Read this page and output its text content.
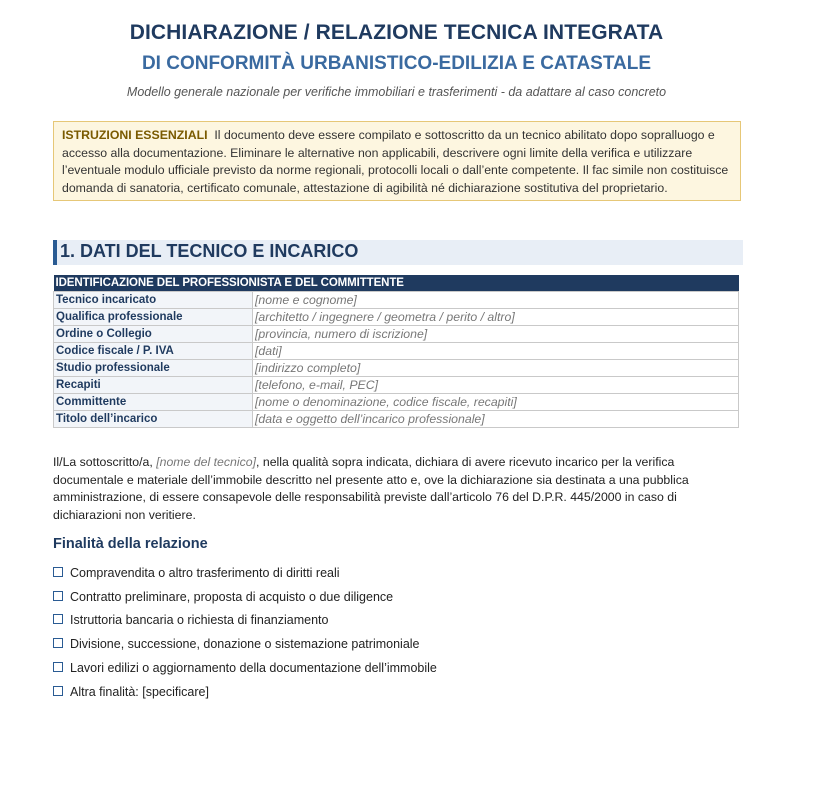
DICHIARAZIONE / RELAZIONE TECNICA INTEGRATA
DI CONFORMITÀ URBANISTICO-EDILIZIA E CATASTALE
Modello generale nazionale per verifiche immobiliari e trasferimenti - da adattare al caso concreto
ISTRUZIONI ESSENZIALI Il documento deve essere compilato e sottoscritto da un tecnico abilitato dopo sopralluogo e accesso alla documentazione. Eliminare le alternative non applicabili, descrivere ogni limite della verifica e utilizzare l’eventuale modulo ufficiale previsto da norme regionali, protocolli locali o dall’ente competente. Il fac simile non costituisce domanda di sanatoria, certificato comunale, attestazione di agibilità né dichiarazione sostitutiva del proprietario.
1. DATI DEL TECNICO E INCARICO
IDENTIFICAZIONE DEL PROFESSIONISTA E DEL COMMITTENTE	
Tecnico incaricato	[nome e cognome]
Qualifica professionale	[architetto / ingegnere / geometra / perito / altro]
Ordine o Collegio	[provincia, numero di iscrizione]
Codice fiscale / P. IVA	[dati]
Studio professionale	[indirizzo completo]
Recapiti	[telefono, e-mail, PEC]
Committente	[nome o denominazione, codice fiscale, recapiti]
Titolo dell’incarico	[data e oggetto dell’incarico professionale]
Il/La sottoscritto/a, [nome del tecnico], nella qualità sopra indicata, dichiara di avere ricevuto incarico per la verifica documentale e materiale dell’immobile descritto nel presente atto e, ove la dichiarazione sia destinata a una pubblica amministrazione, di essere consapevole delle responsabilità previste dall’articolo 76 del D.P.R. 445/2000 in caso di dichiarazioni non veritiere.
Finalità della relazione
Compravendita o altro trasferimento di diritti reali
Contratto preliminare, proposta di acquisto o due diligence
Istruttoria bancaria o richiesta di finanziamento
Divisione, successione, donazione o sistemazione patrimoniale
Lavori edilizi o aggiornamento della documentazione dell’immobile
Altra finalità: [specificare]
